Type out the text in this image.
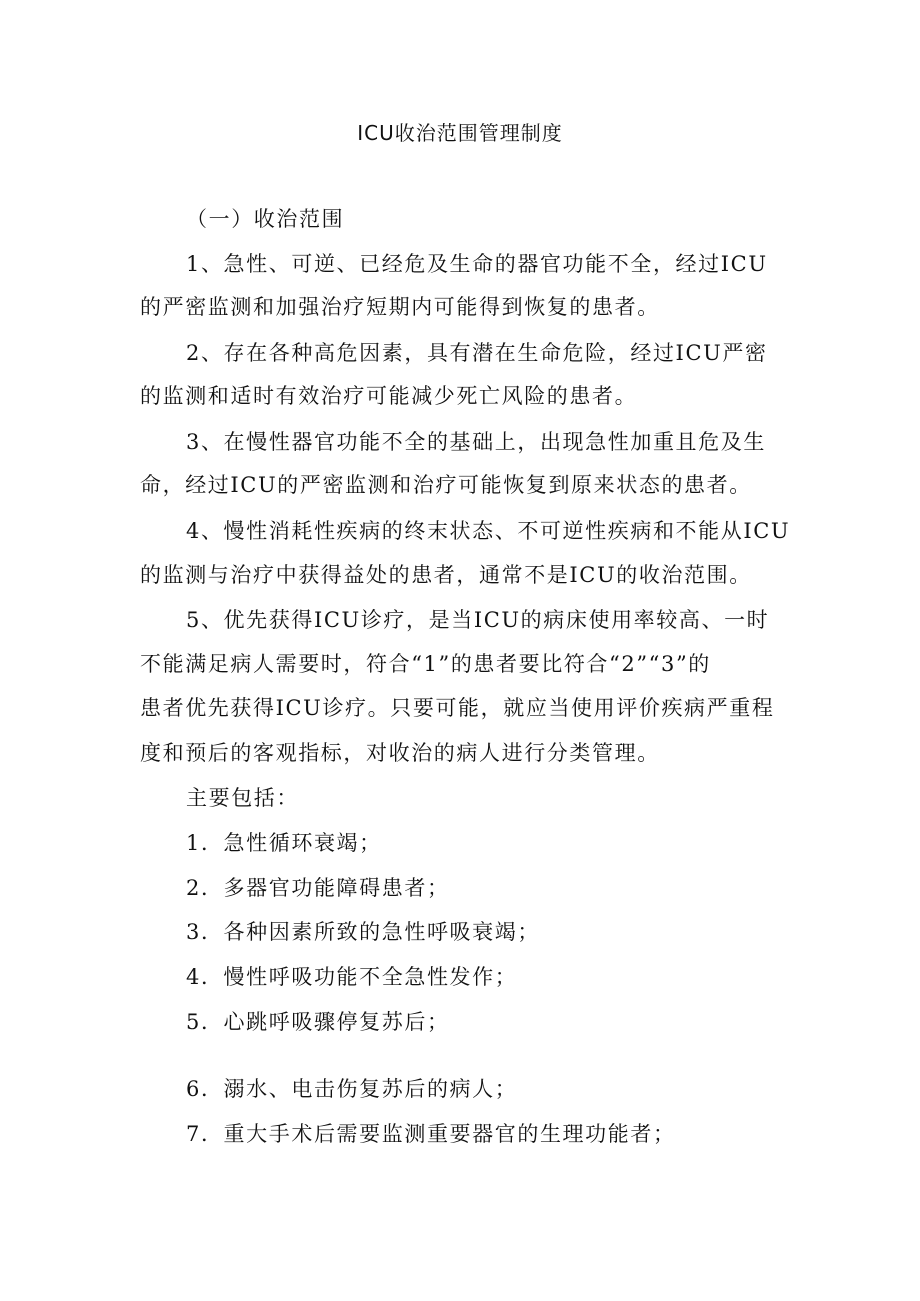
ICU收治范围管理制度
（一）收治范围
1、急性、可逆、已经危及生命的器官功能不全，经过ICU
的严密监测和加强治疗短期内可能得到恢复的患者。
2、存在各种高危因素，具有潜在生命危险，经过ICU严密
的监测和适时有效治疗可能减少死亡风险的患者。
3、在慢性器官功能不全的基础上，出现急性加重且危及生
命，经过ICU的严密监测和治疗可能恢复到原来状态的患者。
4、慢性消耗性疾病的终末状态、不可逆性疾病和不能从ICU
的监测与治疗中获得益处的患者，通常不是ICU的收治范围。
5、优先获得ICU诊疗，是当ICU的病床使用率较高、一时
不能满足病人需要时，符合“1”的患者要比符合“2”“3”的
患者优先获得ICU诊疗。只要可能，就应当使用评价疾病严重程
度和预后的客观指标，对收治的病人进行分类管理。
主要包括：
1．急性循环衰竭；
2．多器官功能障碍患者；
3．各种因素所致的急性呼吸衰竭；
4．慢性呼吸功能不全急性发作；
5．心跳呼吸骤停复苏后；
6．溺水、电击伤复苏后的病人；
7．重大手术后需要监测重要器官的生理功能者；
